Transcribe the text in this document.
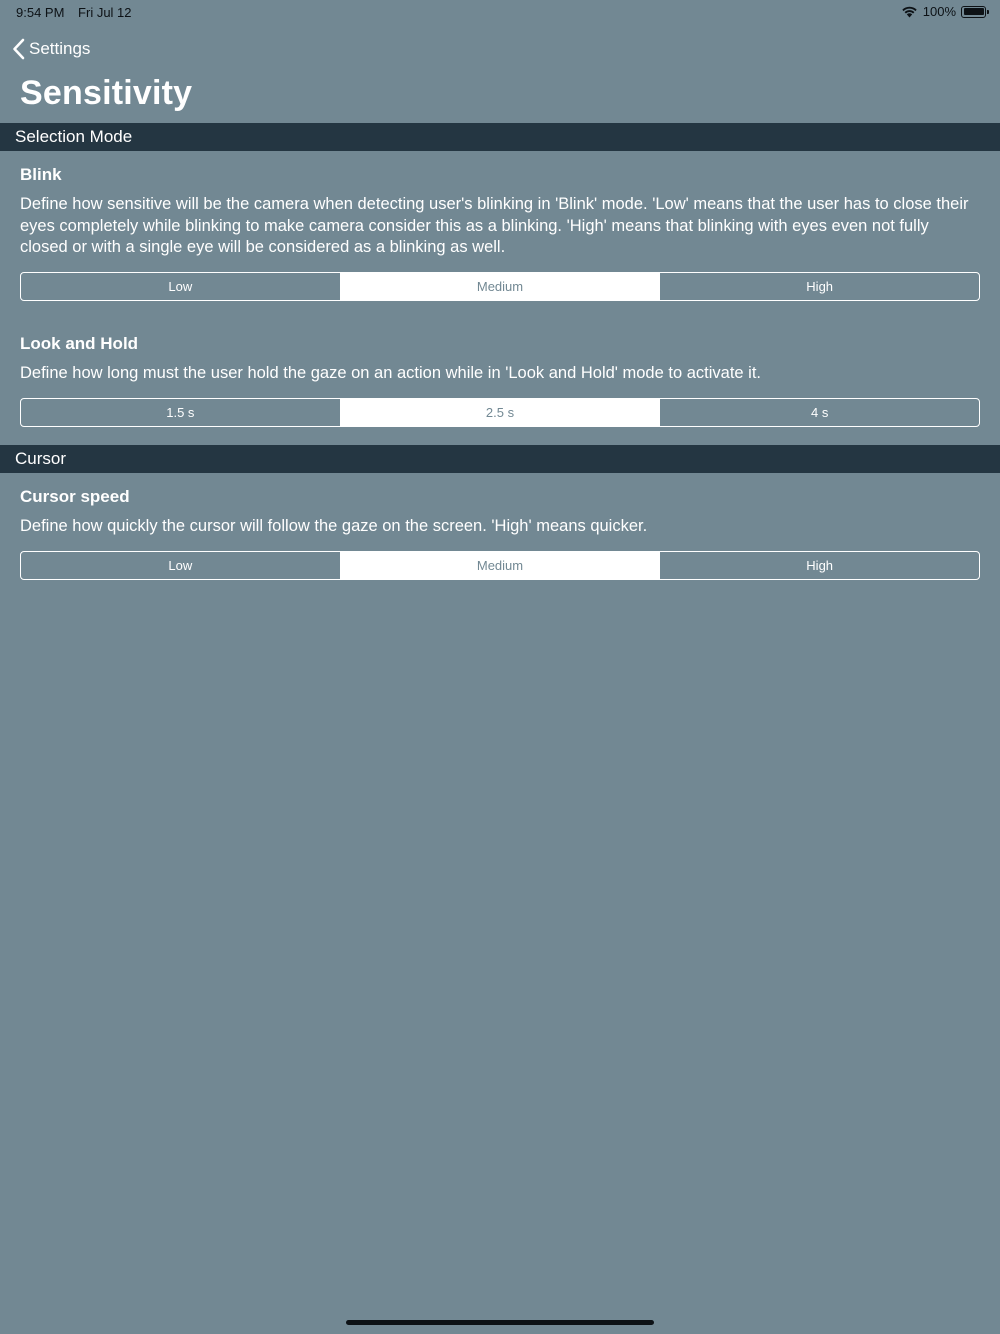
9:54 PM Fri Jul 12	100%
Settings
Sensitivity
Selection Mode
Blink
Define how sensitive will be the camera when detecting user's blinking in 'Blink' mode. 'Low' means that the user has to close their eyes completely while blinking to make camera consider this as a blinking. 'High' means that blinking with eyes even not fully closed or with a single eye will be considered as a blinking as well.
Low	Medium	High
Look and Hold
Define how long must the user hold the gaze on an action while in 'Look and Hold' mode to activate it.
1.5 s	2.5 s	4 s
Cursor
Cursor speed
Define how quickly the cursor will follow the gaze on the screen. 'High' means quicker.
Low	Medium	High
